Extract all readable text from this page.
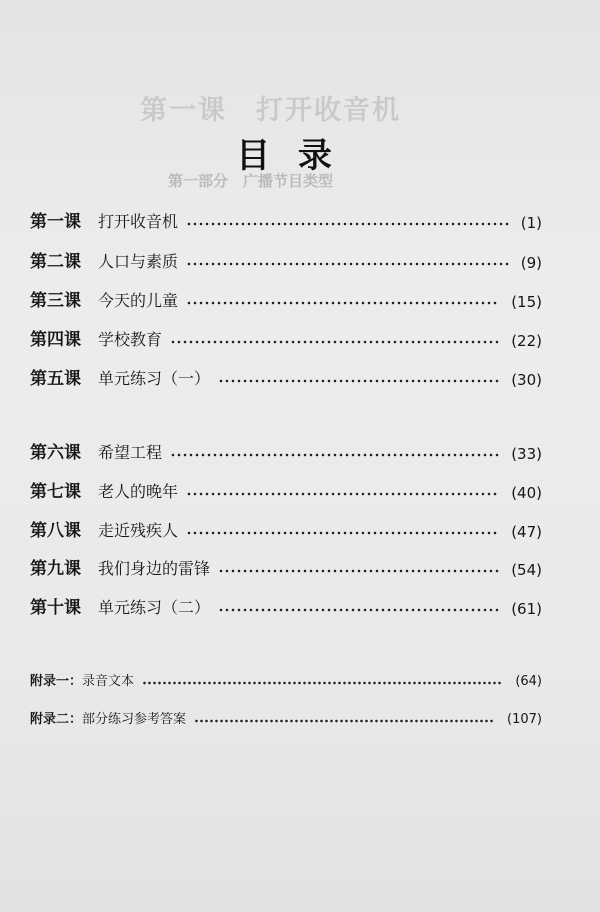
第一课　打开收音机
第一部分　广播节目类型
目 录
第一课	打开收音机	(1)
第二课	人口与素质	(9)
第三课	今天的儿童	(15)
第四课	学校教育	(22)
第五课	单元练习（一）	(30)
第六课	希望工程	(33)
第七课	老人的晚年	(40)
第八课	走近残疾人	(47)
第九课	我们身边的雷锋	(54)
第十课	单元练习（二）	(61)
附录一： 录音文本	(64)
附录二： 部分练习参考答案	(107)
